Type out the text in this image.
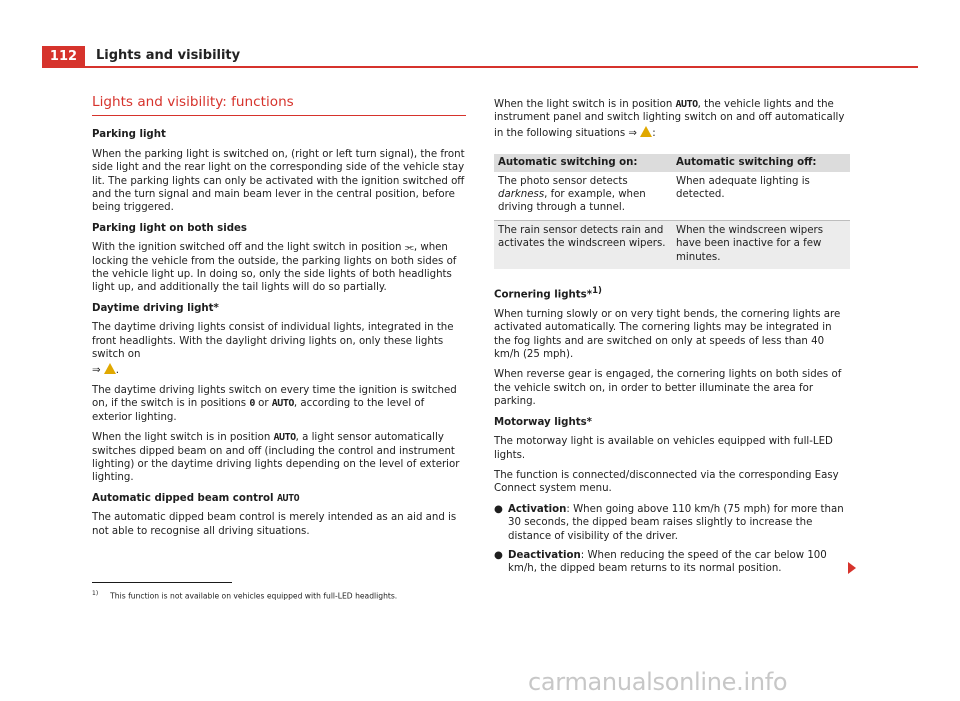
112	Lights and visibility
Lights and visibility: functions
Parking light
When the parking light is switched on, (right or left turn signal), the front side light and the rear light on the corresponding side of the vehicle stay lit. The parking lights can only be activated with the ignition switched off and the turn signal and main beam lever in the central position, before being triggered.
Parking light on both sides
With the ignition switched off and the light switch in position ⫘, when locking the vehicle from the outside, the parking lights on both sides of the vehicle light up. In doing so, only the side lights of both headlights light up, and additionally the tail lights will do so partially.
Daytime driving light*
The daytime driving lights consist of individual lights, integrated in the front headlights. With the daylight driving lights on, only these lights switch on
⇒ .
The daytime driving lights switch on every time the ignition is switched on, if the switch is in positions 0 or AUTO, according to the level of exterior lighting.
When the light switch is in position AUTO, a light sensor automatically switches dipped beam on and off (including the control and instrument lighting) or the daytime driving lights depending on the level of exterior lighting.
Automatic dipped beam control AUTO
The automatic dipped beam control is merely intended as an aid and is not able to recognise all driving situations.
When the light switch is in position AUTO, the vehicle lights and the instrument panel and switch lighting switch on and off automatically in the following situations ⇒ :
Automatic switching on:	Automatic switching off:
The photo sensor detects darkness, for example, when driving through a tunnel.	When adequate lighting is detected.
The rain sensor detects rain and activates the windscreen wipers.	When the windscreen wipers have been inactive for a few minutes.
Cornering lights*$^{1)}$
When turning slowly or on very tight bends, the cornering lights are activated automatically. The cornering lights may be integrated in the fog lights and are switched on only at speeds of less than 40 km/h (25 mph).
When reverse gear is engaged, the cornering lights on both sides of the vehicle switch on, in order to better illuminate the area for parking.
Motorway lights*
The motorway light is available on vehicles equipped with full-LED lights.
The function is connected/disconnected via the corresponding Easy Connect system menu.
● Activation: When going above 110 km/h (75 mph) for more than 30 seconds, the dipped beam raises slightly to increase the distance of visibility of the driver.
● Deactivation: When reducing the speed of the car below 100 km/h, the dipped beam returns to its normal position.
$^{1)}$ This function is not available on vehicles equipped with full-LED headlights.
carmanualsonline.info
